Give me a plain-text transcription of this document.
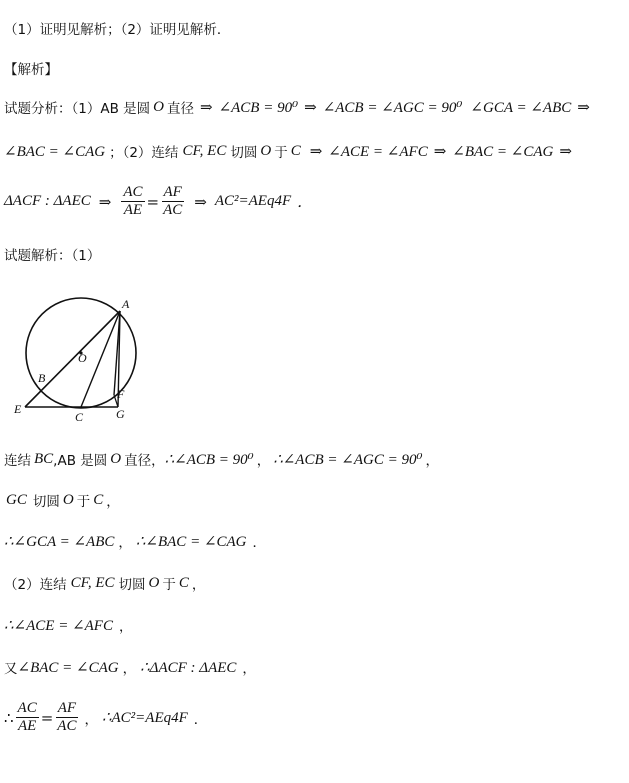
（1）证明见解析；（2）证明见解析．
【解析】
试题分析：（1） AB 是圆 O 直径 ⇒ ∠ACB = 90⁰ ⇒ ∠ACB = ∠AGC = 90⁰ ∠GCA = ∠ABC ⇒
∠BAC = ∠CAG ；（2）连结 CF, EC 切圆 O 于 C ⇒ ∠ACE = ∠AFC ⇒ ∠BAC = ∠CAG ⇒
ΔACF : ΔAEC ⇒ $\frac{AC}{AE} = \frac{AF}{AC}$ ⇒ AC²=AEq4F ．
试题解析：（1）
A
O
B
E
C
F
G
连结 BC ,AB 是圆 O 直径， ∴∠ACB = 90⁰ ， ∴∠ACB = ∠AGC = 90⁰ ，
GC 切圆 O 于 C ，
∴∠GCA = ∠ABC ， ∴∠BAC = ∠CAG ．
（2）连结 CF, EC 切圆 O 于 C ，
∴∠ACE = ∠AFC ，
又 ∠BAC = ∠CAG ， ∴ΔACF : ΔAEC ，
∴ $\frac{AC}{AE} = \frac{AF}{AC}$ ， ∴AC²=AEq4F ．
